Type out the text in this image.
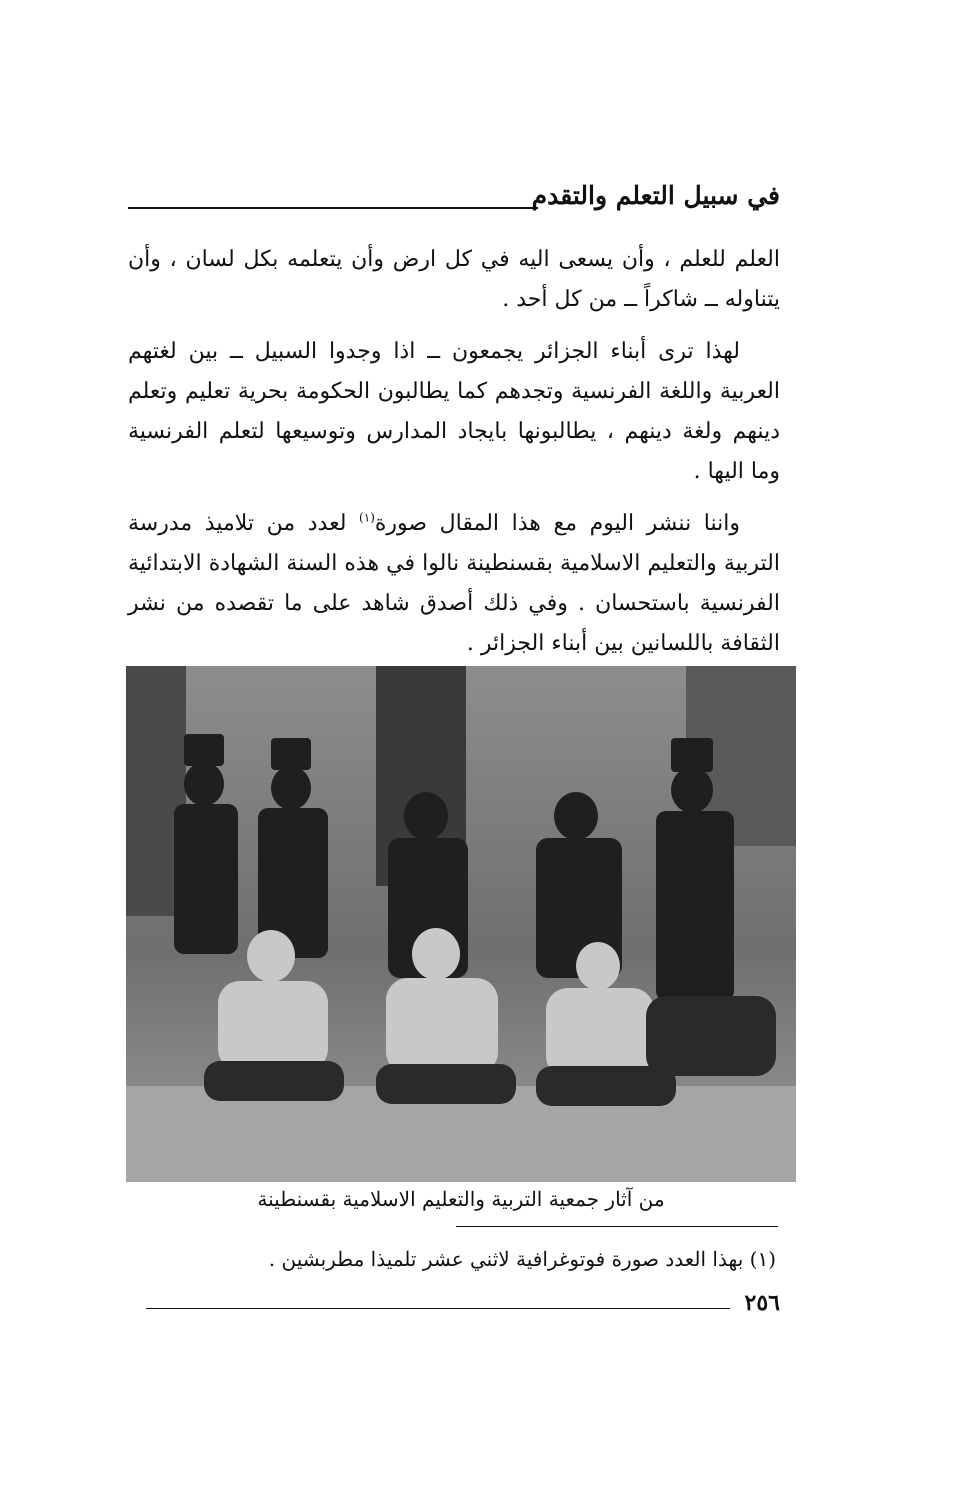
في سبيل التعلم والتقدم

العلم للعلم ، وأن يسعى اليه في كل ارض وأن يتعلمه بكل لسان ، وأن يتناوله ــ شاكراً ــ من كل أحد .

لهذا ترى أبناء الجزائر يجمعون ــ اذا وجدوا السبيل ــ بين لغتهم العربية واللغة الفرنسية وتجدهم كما يطالبون الحكومة بحرية تعليم وتعلم دينهم ولغة دينهم ، يطالبونها بايجاد المدارس وتوسيعها لتعلم الفرنسية وما اليها .

واننا ننشر اليوم مع هذا المقال صورة$^{(١)}$ لعدد من تلاميذ مدرسة التربية والتعليم الاسلامية بقسنطينة نالوا في هذه السنة الشهادة الابتدائية الفرنسية باستحسان . وفي ذلك أصدق شاهد على ما تقصده من نشر الثقافة باللسانين بين أبناء الجزائر .

من آثار جمعية التربية والتعليم الاسلامية بقسنطينة
(١) بهذا العدد صورة فوتوغرافية لاثني عشر تلميذا مطربشين .
٢٥٦
